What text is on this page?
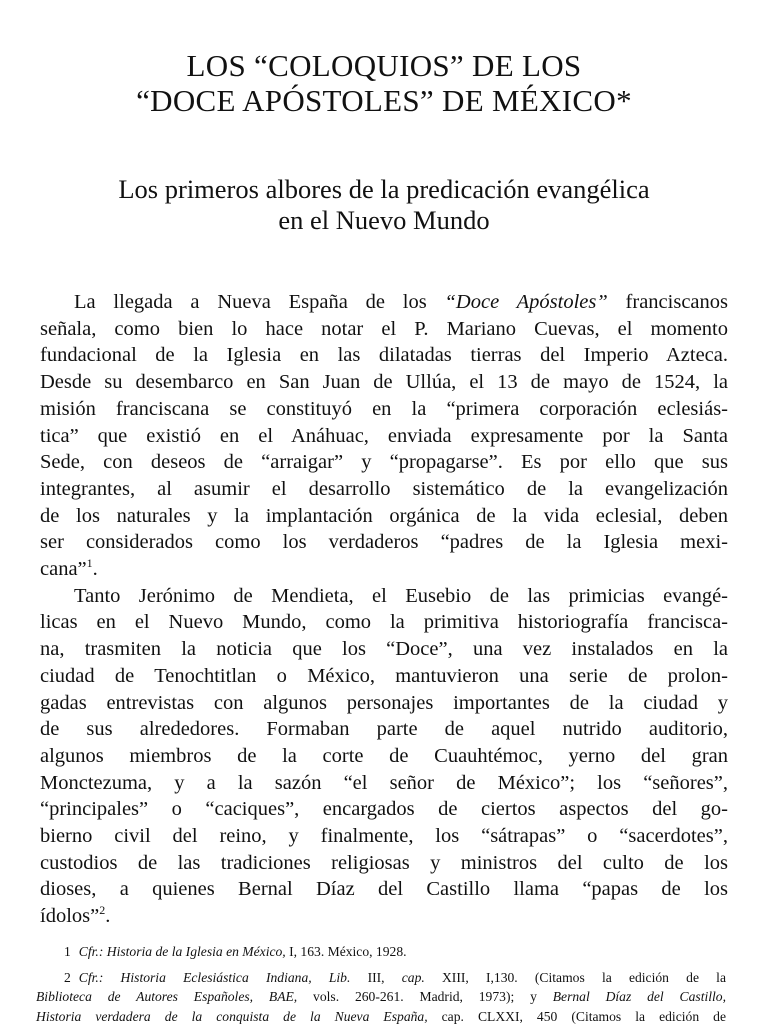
LOS “COLOQUIOS” DE LOS
“DOCE APÓSTOLES” DE MÉXICO*
Los primeros albores de la predicación evangélica
en el Nuevo Mundo
La llegada a Nueva España de los “Doce Apóstoles” franciscanos
señala, como bien lo hace notar el P. Mariano Cuevas, el momento
fundacional de la Iglesia en las dilatadas tierras del Imperio Azteca.
Desde su desembarco en San Juan de Ullúa, el 13 de mayo de 1524, la
misión franciscana se constituyó en la “primera corporación eclesiás-
tica” que existió en el Anáhuac, enviada expresamente por la Santa
Sede, con deseos de “arraigar” y “propagarse”. Es por ello que sus
integrantes, al asumir el desarrollo sistemático de la evangelización
de los naturales y la implantación orgánica de la vida eclesial, deben
ser considerados como los verdaderos “padres de la Iglesia mexi-
cana”$^1$.
Tanto Jerónimo de Mendieta, el Eusebio de las primicias evangé-
licas en el Nuevo Mundo, como la primitiva historiografía francisca-
na, trasmiten la noticia que los “Doce”, una vez instalados en la
ciudad de Tenochtitlan o México, mantuvieron una serie de prolon-
gadas entrevistas con algunos personajes importantes de la ciudad y
de sus alrededores. Formaban parte de aquel nutrido auditorio,
algunos miembros de la corte de Cuauhtémoc, yerno del gran
Monctezuma, y a la sazón “el señor de México”; los “señores”,
“principales” o “caciques”, encargados de ciertos aspectos del go-
bierno civil del reino, y finalmente, los “sátrapas” o “sacerdotes”,
custodios de las tradiciones religiosas y ministros del culto de los
dioses, a quienes Bernal Díaz del Castillo llama “papas de los
ídolos”$^2$.
1 Cfr.: Historia de la Iglesia en México, I, 163. México, 1928.
2 Cfr.: Historia Eclesiástica Indiana, Lib. III, cap. XIII, I,130. (Citamos la edición de la
Biblioteca de Autores Españoles, BAE, vols. 260-261. Madrid, 1973); y Bernal Díaz del Castillo,
Historia verdadera de la conquista de la Nueva España, cap. CLXXI, 450 (Citamos la edición de
